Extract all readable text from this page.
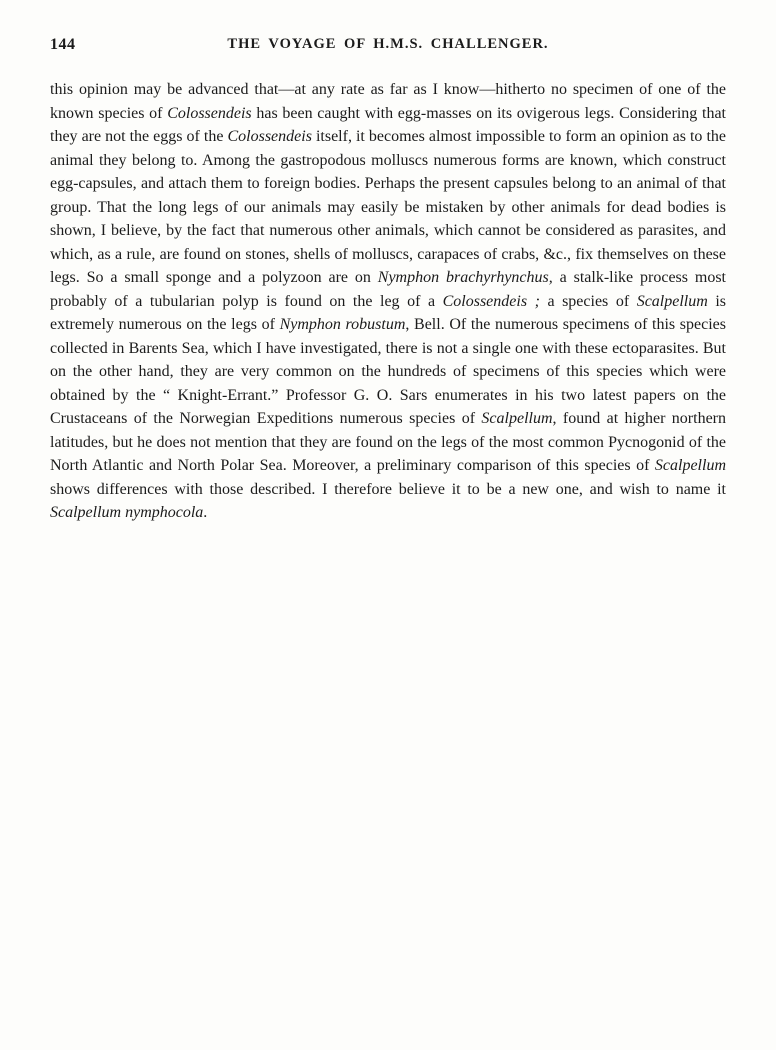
144	THE VOYAGE OF H.M.S. CHALLENGER.

this opinion may be advanced that—at any rate as far as I know—hitherto no specimen of one of the known species of Colossendeis has been caught with egg-masses on its ovigerous legs. Considering that they are not the eggs of the Colossendeis itself, it becomes almost impossible to form an opinion as to the animal they belong to. Among the gastropodous molluscs numerous forms are known, which construct egg-capsules, and attach them to foreign bodies. Perhaps the present capsules belong to an animal of that group. That the long legs of our animals may easily be mistaken by other animals for dead bodies is shown, I believe, by the fact that numerous other animals, which cannot be considered as parasites, and which, as a rule, are found on stones, shells of molluscs, carapaces of crabs, &c., fix themselves on these legs. So a small sponge and a polyzoon are on Nymphon brachyrhynchus, a stalk-like process most probably of a tubularian polyp is found on the leg of a Colossendeis ; a species of Scalpellum is extremely numerous on the legs of Nymphon robustum, Bell. Of the numerous specimens of this species collected in Barents Sea, which I have investigated, there is not a single one with these ectoparasites. But on the other hand, they are very common on the hundreds of specimens of this species which were obtained by the “ Knight-Errant.” Professor G. O. Sars enumerates in his two latest papers on the Crustaceans of the Norwegian Expeditions numerous species of Scalpellum, found at higher northern latitudes, but he does not mention that they are found on the legs of the most common Pycnogonid of the North Atlantic and North Polar Sea. Moreover, a preliminary comparison of this species of Scalpellum shows differences with those described. I therefore believe it to be a new one, and wish to name it Scalpellum nymphocola.
